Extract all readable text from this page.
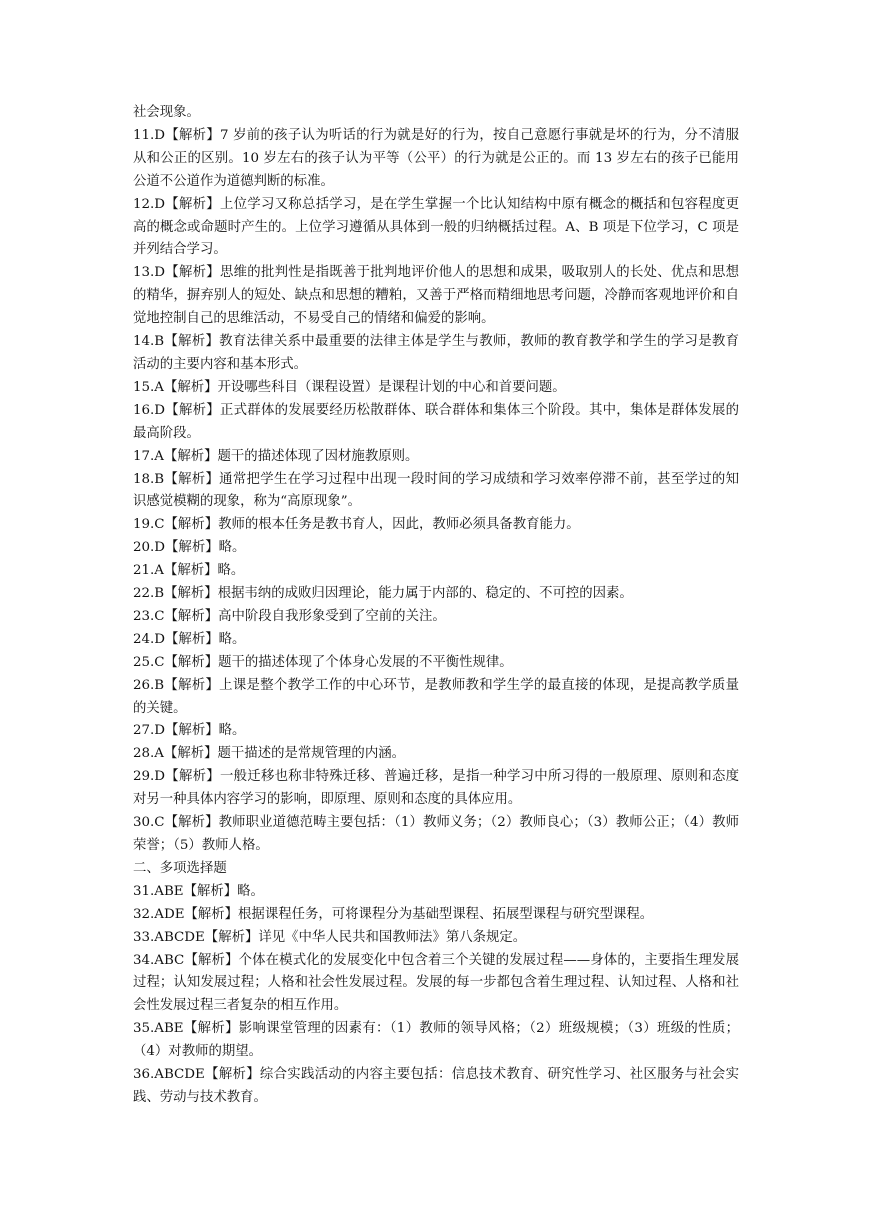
社会现象。

11.D【解析】7 岁前的孩子认为听话的行为就是好的行为，按自己意愿行事就是坏的行为，分不清服从和公正的区别。10 岁左右的孩子认为平等（公平）的行为就是公正的。而 13 岁左右的孩子已能用公道不公道作为道德判断的标准。

12.D【解析】上位学习又称总括学习，是在学生掌握一个比认知结构中原有概念的概括和包容程度更高的概念或命题时产生的。上位学习遵循从具体到一般的归纳概括过程。A、B 项是下位学习，C 项是并列结合学习。

13.D【解析】思维的批判性是指既善于批判地评价他人的思想和成果，吸取别人的长处、优点和思想的精华，摒弃别人的短处、缺点和思想的糟粕，又善于严格而精细地思考问题，冷静而客观地评价和自觉地控制自己的思维活动，不易受自己的情绪和偏爱的影响。

14.B【解析】教育法律关系中最重要的法律主体是学生与教师，教师的教育教学和学生的学习是教育活动的主要内容和基本形式。

15.A【解析】开设哪些科目（课程设置）是课程计划的中心和首要问题。

16.D【解析】正式群体的发展要经历松散群体、联合群体和集体三个阶段。其中，集体是群体发展的最高阶段。

17.A【解析】题干的描述体现了因材施教原则。

18.B【解析】通常把学生在学习过程中出现一段时间的学习成绩和学习效率停滞不前，甚至学过的知识感觉模糊的现象，称为“高原现象”。

19.C【解析】教师的根本任务是教书育人，因此，教师必须具备教育能力。

20.D【解析】略。

21.A【解析】略。

22.B【解析】根据韦纳的成败归因理论，能力属于内部的、稳定的、不可控的因素。

23.C【解析】高中阶段自我形象受到了空前的关注。

24.D【解析】略。

25.C【解析】题干的描述体现了个体身心发展的不平衡性规律。

26.B【解析】上课是整个教学工作的中心环节，是教师教和学生学的最直接的体现，是提高教学质量的关键。

27.D【解析】略。

28.A【解析】题干描述的是常规管理的内涵。

29.D【解析】一般迁移也称非特殊迁移、普遍迁移，是指一种学习中所习得的一般原理、原则和态度对另一种具体内容学习的影响，即原理、原则和态度的具体应用。

30.C【解析】教师职业道德范畴主要包括：（1）教师义务；（2）教师良心；（3）教师公正；（4）教师荣誉；（5）教师人格。

二、多项选择题

31.ABE【解析】略。

32.ADE【解析】根据课程任务，可将课程分为基础型课程、拓展型课程与研究型课程。

33.ABCDE【解析】详见《中华人民共和国教师法》第八条规定。

34.ABC【解析】个体在模式化的发展变化中包含着三个关键的发展过程——身体的，主要指生理发展过程；认知发展过程；人格和社会性发展过程。发展的每一步都包含着生理过程、认知过程、人格和社会性发展过程三者复杂的相互作用。

35.ABE【解析】影响课堂管理的因素有：（1）教师的领导风格；（2）班级规模；（3）班级的性质；（4）对教师的期望。

36.ABCDE【解析】综合实践活动的内容主要包括：信息技术教育、研究性学习、社区服务与社会实践、劳动与技术教育。
